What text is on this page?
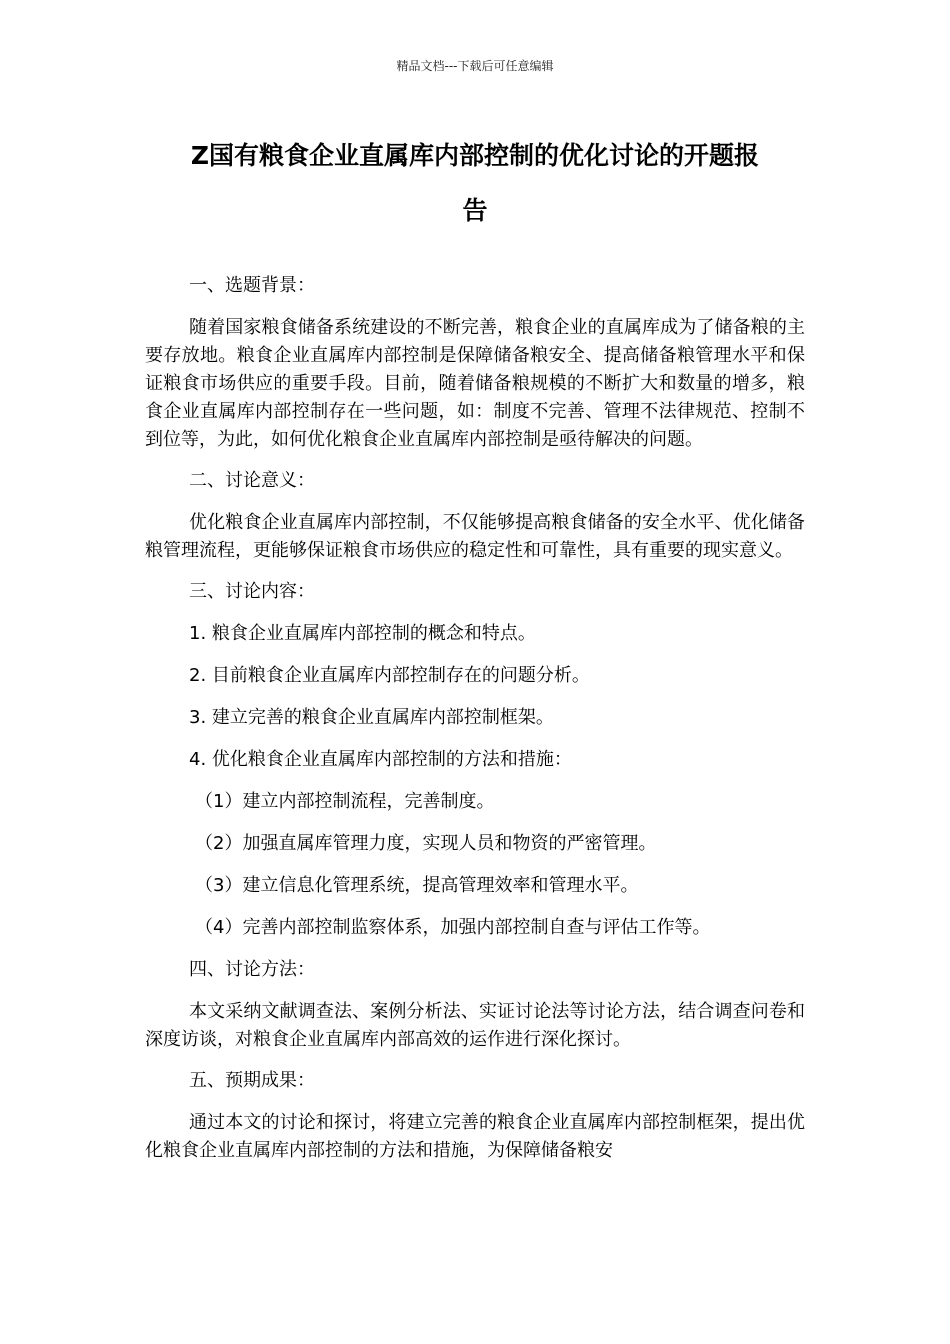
精品文档---下载后可任意编辑
Z国有粮食企业直属库内部控制的优化讨论的开题报
告
一、选题背景：
随着国家粮食储备系统建设的不断完善，粮食企业的直属库成为了储备粮的主要存放地。粮食企业直属库内部控制是保障储备粮安全、提高储备粮管理水平和保证粮食市场供应的重要手段。目前，随着储备粮规模的不断扩大和数量的增多，粮食企业直属库内部控制存在一些问题，如：制度不完善、管理不法律规范、控制不到位等，为此，如何优化粮食企业直属库内部控制是亟待解决的问题。
二、讨论意义：
优化粮食企业直属库内部控制，不仅能够提高粮食储备的安全水平、优化储备粮管理流程，更能够保证粮食市场供应的稳定性和可靠性，具有重要的现实意义。
三、讨论内容：
1. 粮食企业直属库内部控制的概念和特点。
2. 目前粮食企业直属库内部控制存在的问题分析。
3. 建立完善的粮食企业直属库内部控制框架。
4. 优化粮食企业直属库内部控制的方法和措施：
（1）建立内部控制流程，完善制度。
（2）加强直属库管理力度，实现人员和物资的严密管理。
（3）建立信息化管理系统，提高管理效率和管理水平。
（4）完善内部控制监察体系，加强内部控制自查与评估工作等。
四、讨论方法：
本文采纳文献调查法、案例分析法、实证讨论法等讨论方法，结合调查问卷和深度访谈，对粮食企业直属库内部高效的运作进行深化探讨。
五、预期成果：
通过本文的讨论和探讨，将建立完善的粮食企业直属库内部控制框架，提出优化粮食企业直属库内部控制的方法和措施，为保障储备粮安
